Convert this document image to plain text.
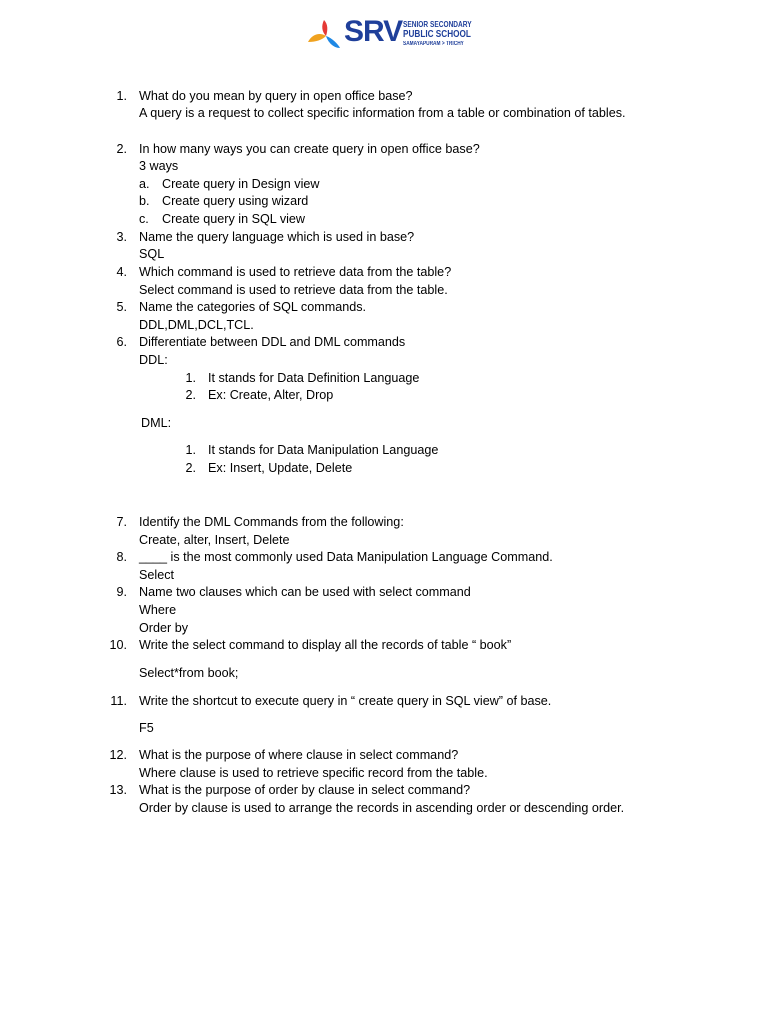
SRV SENIOR SECONDARY
PUBLIC SCHOOL
SAMAYAPURAM > TRICHY
1. What do you mean by query in open office base?
A query is a request to collect specific information from a table or combination of tables.
2. In how many ways you can create query in open office base?
3 ways
a. Create query in Design view
b. Create query using wizard
c. Create query in SQL view
3. Name the query language which is used in base?
SQL
4. Which command is used to retrieve data from the table?
Select command is used to retrieve data from the table.
5. Name the categories of SQL commands.
DDL,DML,DCL,TCL.
6. Differentiate between DDL and DML commands
DDL:
1. It stands for Data Definition Language
2. Ex: Create, Alter, Drop
DML:
1. It stands for Data Manipulation Language
2. Ex: Insert, Update, Delete
7. Identify the DML Commands from the following:
Create, alter, Insert, Delete
8. ____ is the most commonly used Data Manipulation Language Command.
Select
9. Name two clauses which can be used with select command
Where
Order by
10. Write the select command to display all the records of table “ book”
Select*from book;
11. Write the shortcut to execute query in “ create query in SQL view” of base.
F5
12. What is the purpose of where clause in select command?
Where clause is used to retrieve specific record from the table.
13. What is the purpose of order by clause in select command?
Order by clause is used to arrange the records in ascending order or descending order.
